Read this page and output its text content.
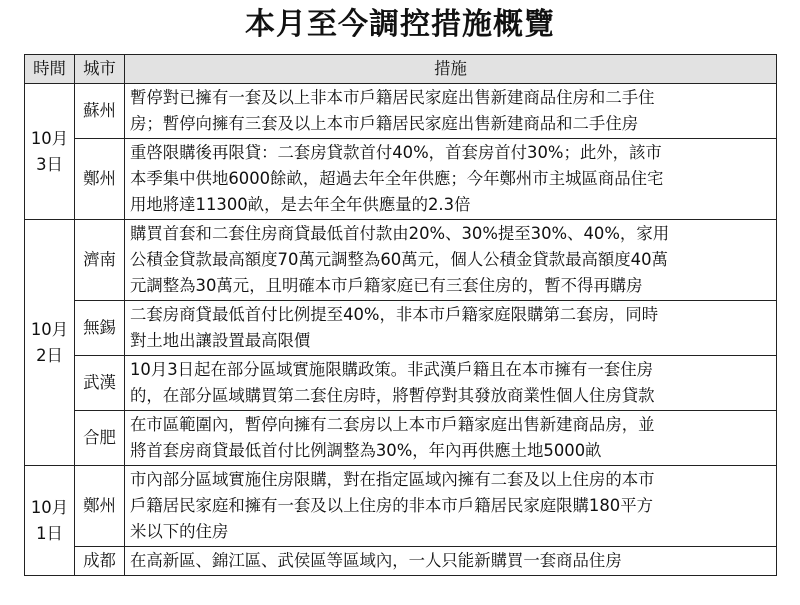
本月至今調控措施概覽
時間	城市	措施
10月
3日	蘇州	暫停對已擁有一套及以上非本市戶籍居民家庭出售新建商品住房和二手住
房；暫停向擁有三套及以上本市戶籍居民家庭出售新建商品和二手住房
	鄭州	重啓限購後再限貸：二套房貸款首付40%，首套房首付30%；此外，該市
本季集中供地6000餘畝，超過去年全年供應；今年鄭州市主城區商品住宅
用地將達11300畝，是去年全年供應量的2.3倍
10月
2日	濟南	購買首套和二套住房商貸最低首付款由20%、30%提至30%、40%，家用
公積金貸款最高額度70萬元調整為60萬元，個人公積金貸款最高額度40萬
元調整為30萬元，且明確本市戶籍家庭已有三套住房的，暫不得再購房
	無錫	二套房商貸最低首付比例提至40%，非本市戶籍家庭限購第二套房，同時
對土地出讓設置最高限價
	武漢	10月3日起在部分區域實施限購政策。非武漢戶籍且在本市擁有一套住房
的，在部分區域購買第二套住房時，將暫停對其發放商業性個人住房貸款
	合肥	在市區範圍內，暫停向擁有二套房以上本市戶籍家庭出售新建商品房，並
將首套房商貸最低首付比例調整為30%，年內再供應土地5000畝
10月
1日	鄭州	市內部分區域實施住房限購，對在指定區域內擁有二套及以上住房的本市
戶籍居民家庭和擁有一套及以上住房的非本市戶籍居民家庭限購180平方
米以下的住房
	成都	在高新區、錦江區、武侯區等區域內，一人只能新購買一套商品住房
